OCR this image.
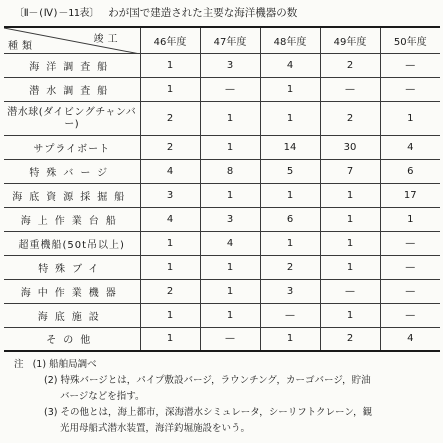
〔Ⅱ－(Ⅳ)－11表〕 わが国で建造された主要な海洋機器の数
竣工
種類	46年度	47年度	48年度	49年度	50年度
海洋調査船	1	3	4	2	—
潜水調査船	1	—	1	—	—
潜水球(ダイビングチャンバー)	2	1	1	2	1
サプライボート	2	1	14	30	4
特殊バージ	4	8	5	7	6
海底資源採掘船	3	1	1	1	17
海上作業台船	4	3	6	1	1
超重機船(50t吊以上)	1	4	1	1	—
特殊ブイ	1	1	2	1	—
海中作業機器	2	1	3	—	—
海底施設	1	1	—	1	—
その他	1	—	1	2	4
注 (1) 船舶局調べ
(2) 特殊バージとは，パイプ敷設バージ，ラウンチング，カーゴバージ，貯油
バージなどを指す。
(3) その他とは，海上都市，深海潜水シミュレータ，シーリフトクレーン，観
光用母船式潜水装置，海洋釣堀施設をいう。
